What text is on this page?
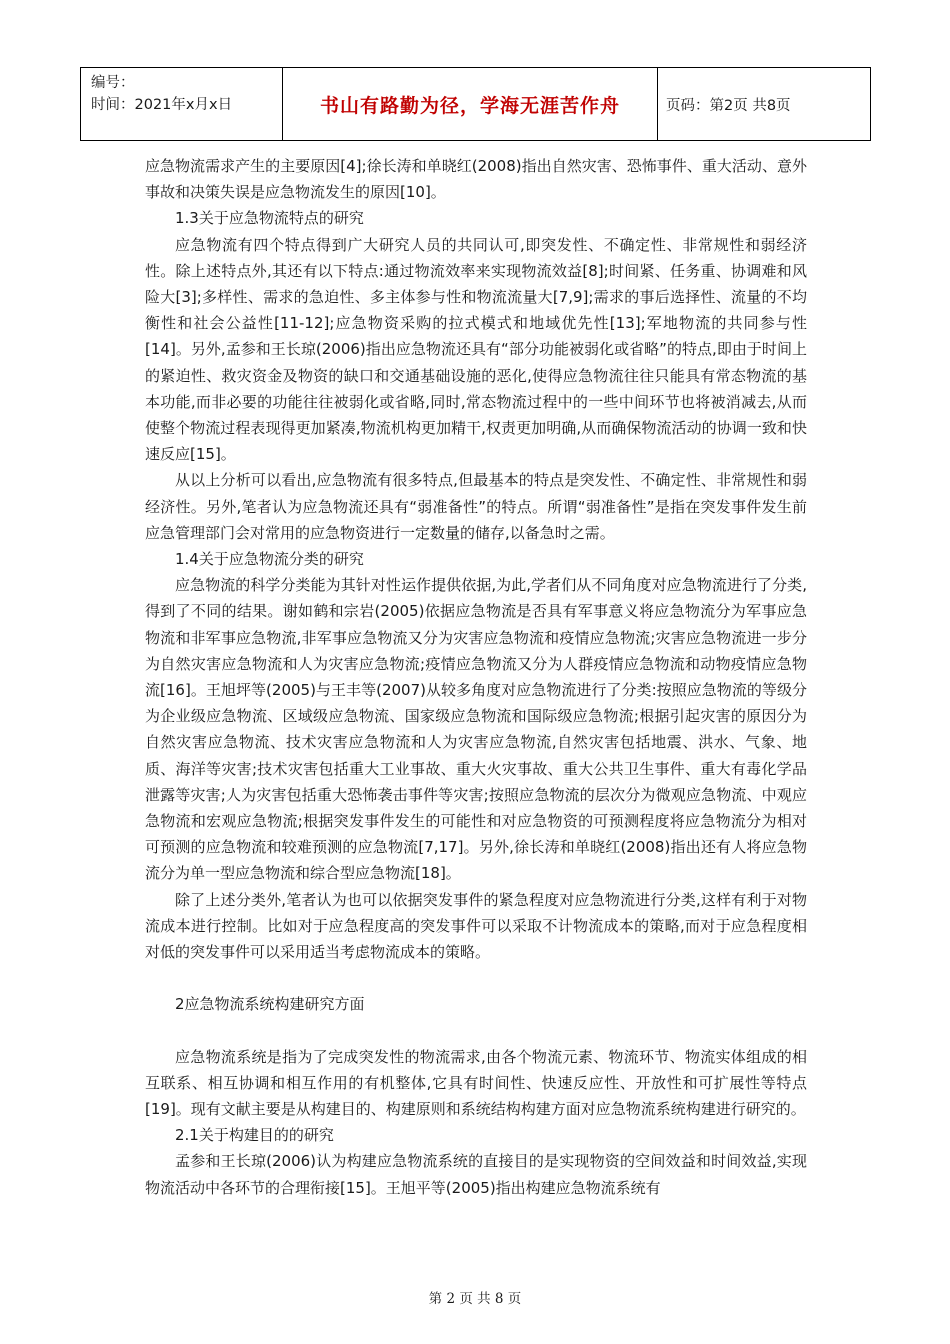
编号：
时间：2021年x月x日	书山有路勤为径，学海无涯苦作舟	页码：第2页 共8页

应急物流需求产生的主要原因[4];徐长涛和单晓红(2008)指出自然灾害、恐怖事件、重大活动、意外事故和决策失误是应急物流发生的原因[10]。

1.3关于应急物流特点的研究

应急物流有四个特点得到广大研究人员的共同认可,即突发性、不确定性、非常规性和弱经济性。除上述特点外,其还有以下特点:通过物流效率来实现物流效益[8];时间紧、任务重、协调难和风险大[3];多样性、需求的急迫性、多主体参与性和物流流量大[7,9];需求的事后选择性、流量的不均衡性和社会公益性[11-12];应急物资采购的拉式模式和地域优先性[13];军地物流的共同参与性[14]。另外,孟参和王长琼(2006)指出应急物流还具有“部分功能被弱化或省略”的特点,即由于时间上的紧迫性、救灾资金及物资的缺口和交通基础设施的恶化,使得应急物流往往只能具有常态物流的基本功能,而非必要的功能往往被弱化或省略,同时,常态物流过程中的一些中间环节也将被消减去,从而使整个物流过程表现得更加紧凑,物流机构更加精干,权责更加明确,从而确保物流活动的协调一致和快速反应[15]。

从以上分析可以看出,应急物流有很多特点,但最基本的特点是突发性、不确定性、非常规性和弱经济性。另外,笔者认为应急物流还具有“弱准备性”的特点。所谓“弱准备性”是指在突发事件发生前应急管理部门会对常用的应急物资进行一定数量的储存,以备急时之需。

1.4关于应急物流分类的研究

应急物流的科学分类能为其针对性运作提供依据,为此,学者们从不同角度对应急物流进行了分类,得到了不同的结果。谢如鹤和宗岩(2005)依据应急物流是否具有军事意义将应急物流分为军事应急物流和非军事应急物流,非军事应急物流又分为灾害应急物流和疫情应急物流;灾害应急物流进一步分为自然灾害应急物流和人为灾害应急物流;疫情应急物流又分为人群疫情应急物流和动物疫情应急物流[16]。王旭坪等(2005)与王丰等(2007)从较多角度对应急物流进行了分类:按照应急物流的等级分为企业级应急物流、区域级应急物流、国家级应急物流和国际级应急物流;根据引起灾害的原因分为自然灾害应急物流、技术灾害应急物流和人为灾害应急物流,自然灾害包括地震、洪水、气象、地质、海洋等灾害;技术灾害包括重大工业事故、重大火灾事故、重大公共卫生事件、重大有毒化学品泄露等灾害;人为灾害包括重大恐怖袭击事件等灾害;按照应急物流的层次分为微观应急物流、中观应急物流和宏观应急物流;根据突发事件发生的可能性和对应急物资的可预测程度将应急物流分为相对可预测的应急物流和较难预测的应急物流[7,17]。另外,徐长涛和单晓红(2008)指出还有人将应急物流分为单一型应急物流和综合型应急物流[18]。

除了上述分类外,笔者认为也可以依据突发事件的紧急程度对应急物流进行分类,这样有利于对物流成本进行控制。比如对于应急程度高的突发事件可以采取不计物流成本的策略,而对于应急程度相对低的突发事件可以采用适当考虑物流成本的策略。

2应急物流系统构建研究方面

应急物流系统是指为了完成突发性的物流需求,由各个物流元素、物流环节、物流实体组成的相互联系、相互协调和相互作用的有机整体,它具有时间性、快速反应性、开放性和可扩展性等特点[19]。现有文献主要是从构建目的、构建原则和系统结构构建方面对应急物流系统构建进行研究的。

2.1关于构建目的的研究

孟参和王长琼(2006)认为构建应急物流系统的直接目的是实现物资的空间效益和时间效益,实现物流活动中各环节的合理衔接[15]。王旭平等(2005)指出构建应急物流系统有

第 2 页 共 8 页
